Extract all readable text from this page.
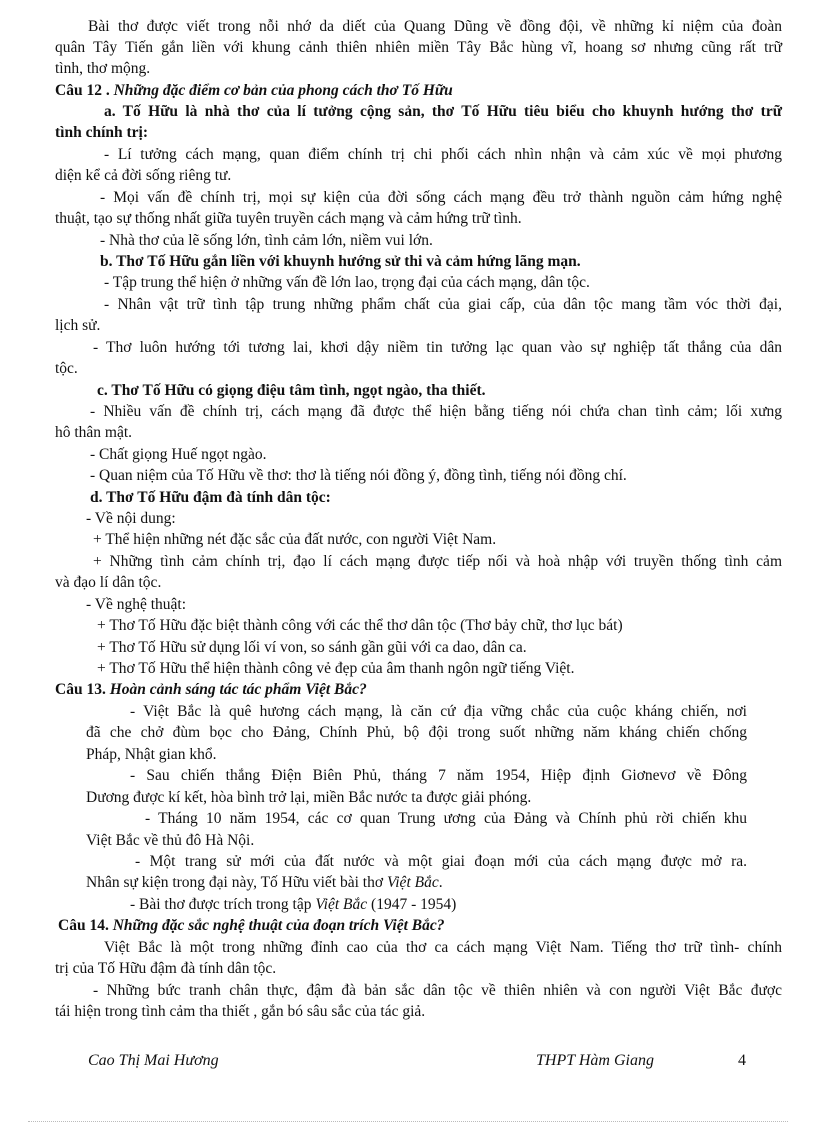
Bài thơ được viết trong nỗi nhớ da diết của Quang Dũng về đồng đội, về những kỉ niệm của đoàn
quân Tây Tiến gắn liền với khung cảnh thiên nhiên miền Tây Bắc hùng vĩ, hoang sơ nhưng cũng rất trữ
tình, thơ mộng.
Câu 12 . Những đặc điểm cơ bản của phong cách thơ Tố Hữu
a. Tố Hữu là nhà thơ của lí tưởng cộng sản, thơ Tố Hữu tiêu biểu cho khuynh hướng thơ trữ
tình chính trị:
- Lí tưởng cách mạng, quan điểm chính trị chi phối cách nhìn nhận và cảm xúc về mọi phương
diện kể cả đời sống riêng tư.
- Mọi vấn đề chính trị, mọi sự kiện của đời sống cách mạng đều trở thành nguồn cảm hứng nghệ
thuật, tạo sự thống nhất giữa tuyên truyền cách mạng và cảm hứng trữ tình.
- Nhà thơ của lẽ sống lớn, tình cảm lớn, niềm vui lớn.
b. Thơ Tố Hữu gắn liền với khuynh hướng sử thi và cảm hứng lãng mạn.
- Tập trung thể hiện ở những vấn đề lớn lao, trọng đại của cách mạng, dân tộc.
- Nhân vật trữ tình tập trung những phẩm chất của giai cấp, của dân tộc mang tầm vóc thời đại,
lịch sử.
- Thơ luôn hướng tới tương lai, khơi dậy niềm tin tưởng lạc quan vào sự nghiệp tất thắng của dân
tộc.
c. Thơ Tố Hữu có giọng điệu tâm tình, ngọt ngào, tha thiết.
- Nhiều vấn đề chính trị, cách mạng đã được thể hiện bằng tiếng nói chứa chan tình cảm; lối xưng
hô thân mật.
- Chất giọng Huế ngọt ngào.
- Quan niệm của Tố Hữu về thơ: thơ là tiếng nói đồng ý, đồng tình, tiếng nói đồng chí.
d. Thơ Tố Hữu đậm đà tính dân tộc:
- Về nội dung:
+ Thể hiện những nét đặc sắc của đất nước, con người Việt Nam.
+ Những tình cảm chính trị, đạo lí cách mạng được tiếp nối và hoà nhập với truyền thống tình cảm
và đạo lí dân tộc.
- Về nghệ thuật:
+ Thơ Tố Hữu đặc biệt thành công với các thể thơ dân tộc (Thơ bảy chữ, thơ lục bát)
+ Thơ Tố Hữu sử dụng lối ví von, so sánh gần gũi với ca dao, dân ca.
+ Thơ Tố Hữu thể hiện thành công vẻ đẹp của âm thanh ngôn ngữ tiếng Việt.
Câu 13. Hoàn cảnh sáng tác tác phẩm Việt Bắc?
- Việt Bắc là quê hương cách mạng, là căn cứ địa vững chắc của cuộc kháng chiến, nơi
đã che chở đùm bọc cho Đảng, Chính Phủ, bộ đội trong suốt những năm kháng chiến chống
Pháp, Nhật gian khổ.
- Sau chiến thắng Điện Biên Phủ, tháng 7 năm 1954, Hiệp định Giơnevơ về Đông
Dương được kí kết, hòa bình trở lại, miền Bắc nước ta được giải phóng.
- Tháng 10 năm 1954, các cơ quan Trung ương của Đảng và Chính phủ rời chiến khu
Việt Bắc về thủ đô Hà Nội.
- Một trang sử mới của đất nước và một giai đoạn mới của cách mạng được mở ra.
Nhân sự kiện trong đại này, Tố Hữu viết bài thơ Việt Bắc.
- Bài thơ được trích trong tập Việt Bắc (1947 - 1954)
Câu 14. Những đặc sắc nghệ thuật của đoạn trích Việt Bắc?
Việt Bắc là một trong những đỉnh cao của thơ ca cách mạng Việt Nam. Tiếng thơ trữ tình- chính
trị của Tố Hữu đậm đà tính dân tộc.
- Những bức tranh chân thực, đậm đà bản sắc dân tộc về thiên nhiên và con người Việt Bắc được
tái hiện trong tình cảm tha thiết , gắn bó sâu sắc của tác giả.
Cao Thị Mai Hương	THPT Hàm Giang	4
